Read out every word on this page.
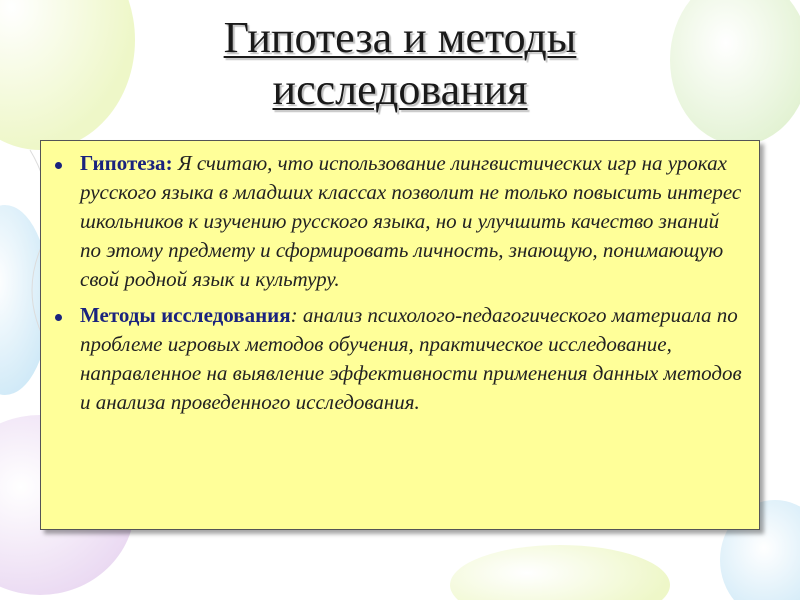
Гипотеза и методы
исследования
Гипотеза: Я считаю, что использование лингвистических игр на уроках русского языка в младших классах позволит не только повысить интерес школьников к изучению русского языка, но и улучшить качество знаний по этому предмету и сформировать личность, знающую, понимающую свой родной язык и культуру.
Методы исследования: анализ психолого-педагогического материала по проблеме игровых методов обучения, практическое исследование, направленное на выявление эффективности применения данных методов и анализа проведенного исследования.
